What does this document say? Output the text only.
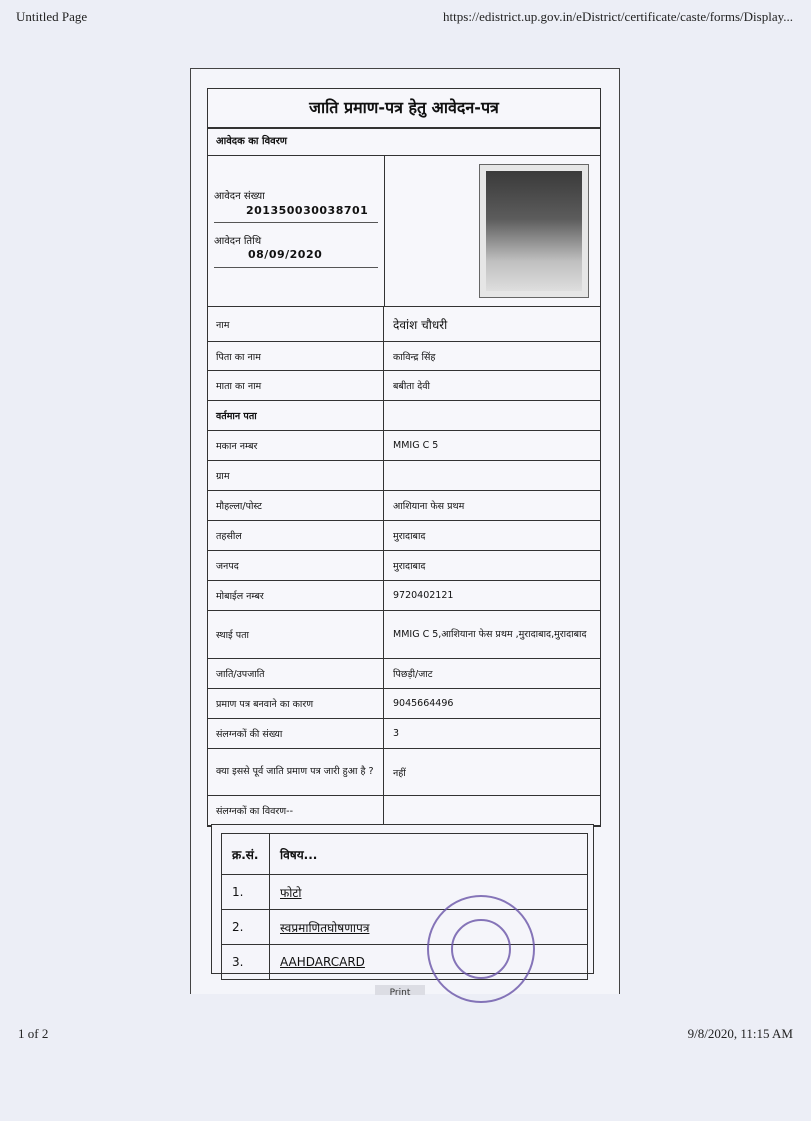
Untitled Page	https://edistrict.up.gov.in/eDistrict/certificate/caste/forms/Display...
जाति प्रमाण-पत्र हेतु आवेदन-पत्र
आवेदक का विवरण
आवेदन संख्या
201350030038701
आवेदन तिथि
08/09/2020
नाम	देवांश चौधरी
पिता का नाम	काविन्द्र सिंह
माता का नाम	बबीता देवी
वर्तमान पता
मकान नम्बर	MMIG C 5
ग्राम
मौहल्ला/पोस्ट	आशियाना फेस प्रथम
तहसील	मुरादाबाद
जनपद	मुरादाबाद
मोबाईल नम्बर	9720402121
स्थाई पता	MMIG C 5,आशियाना फेस प्रथम ,मुरादाबाद,मुरादाबाद
जाति/उपजाति	पिछड़ी/जाट
प्रमाण पत्र बनवाने का कारण	9045664496
संलग्नकों की संख्या	3
क्या इससे पूर्व जाति प्रमाण पत्र जारी हुआ है ?	नहीं
संलग्नकों का विवरण--
क्र.सं.	विषय...
1.	फोटो
2.	स्वप्रमाणितघोषणापत्र
3.	AAHDARCARD
Print
1 of 2	9/8/2020, 11:15 AM
